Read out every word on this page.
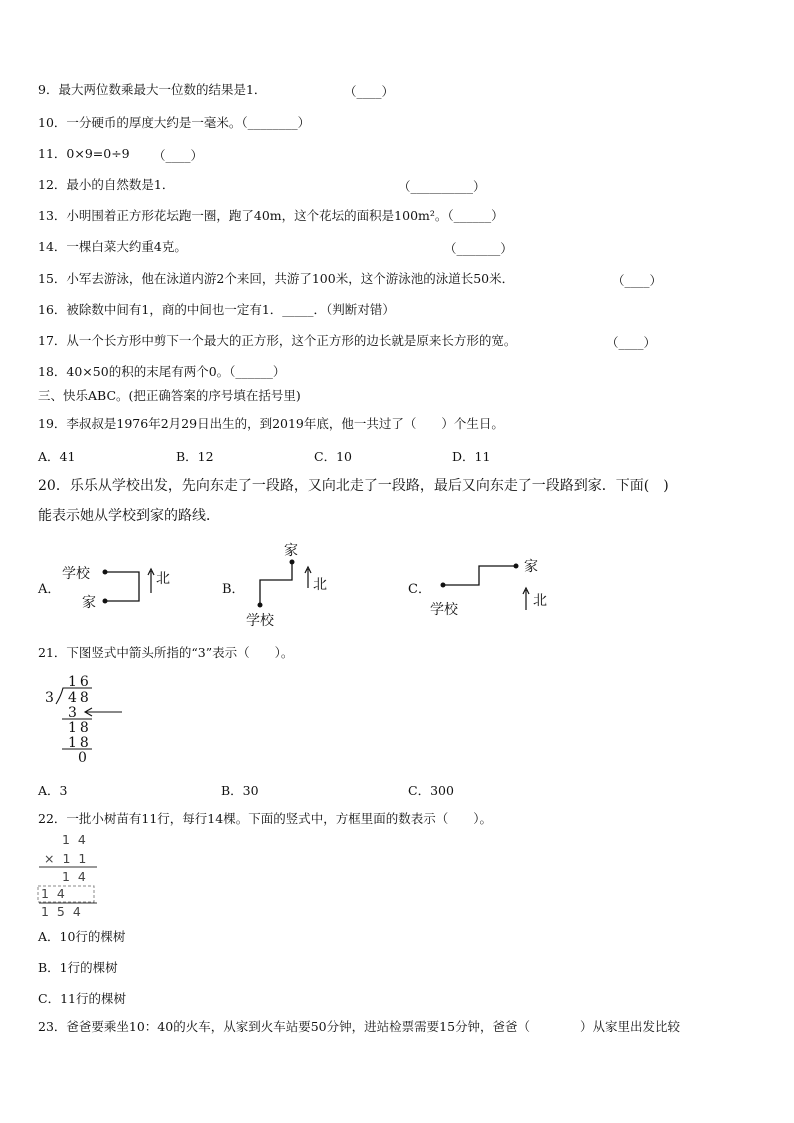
9．最大两位数乘最大一位数的结果是1．	（____）
10．一分硬币的厚度大约是一毫米。（________）
11．0×9=0÷9 （____）
12．最小的自然数是1．	（__________）
13．小明围着正方形花坛跑一圈，跑了40m，这个花坛的面积是100m²。（______）
14．一棵白菜大约重4克。	（_______）
15．小军去游泳，他在泳道内游2个来回，共游了100米，这个游泳池的泳道长50米．	（____）
16．被除数中间有1，商的中间也一定有1．_____．（判断对错）
17．从一个长方形中剪下一个最大的正方形，这个正方形的边长就是原来长方形的宽。	（____）
18．40×50的积的末尾有两个0。（______）
三、快乐ABC。(把正确答案的序号填在括号里)
19．李叔叔是1976年2月29日出生的，到2019年底，他一共过了（　　）个生日。
A．41	B．12	C．10	D．11
20．乐乐从学校出发，先向东走了一段路，又向北走了一段路，最后又向东走了一段路到家．下面(　)
能表示她从学校到家的路线．
A．
学校
家
北
B．
家
学校
北	C．
学校
家
北
21．下图竖式中箭头所指的“3”表示（　　）。
16
3 48
3
18
18
0
A．3	B．30	C．300
22．一批小树苗有11行，每行14棵。下面的竖式中，方框里面的数表示（　　）。
1 4
× 1 1
1 4
1 4
1 5 4
A．10行的棵树
B．1行的棵树
C．11行的棵树
23．爸爸要乘坐10：40的火车，从家到火车站要50分钟，进站检票需要15分钟，爸爸（　　　　）从家里出发比较
